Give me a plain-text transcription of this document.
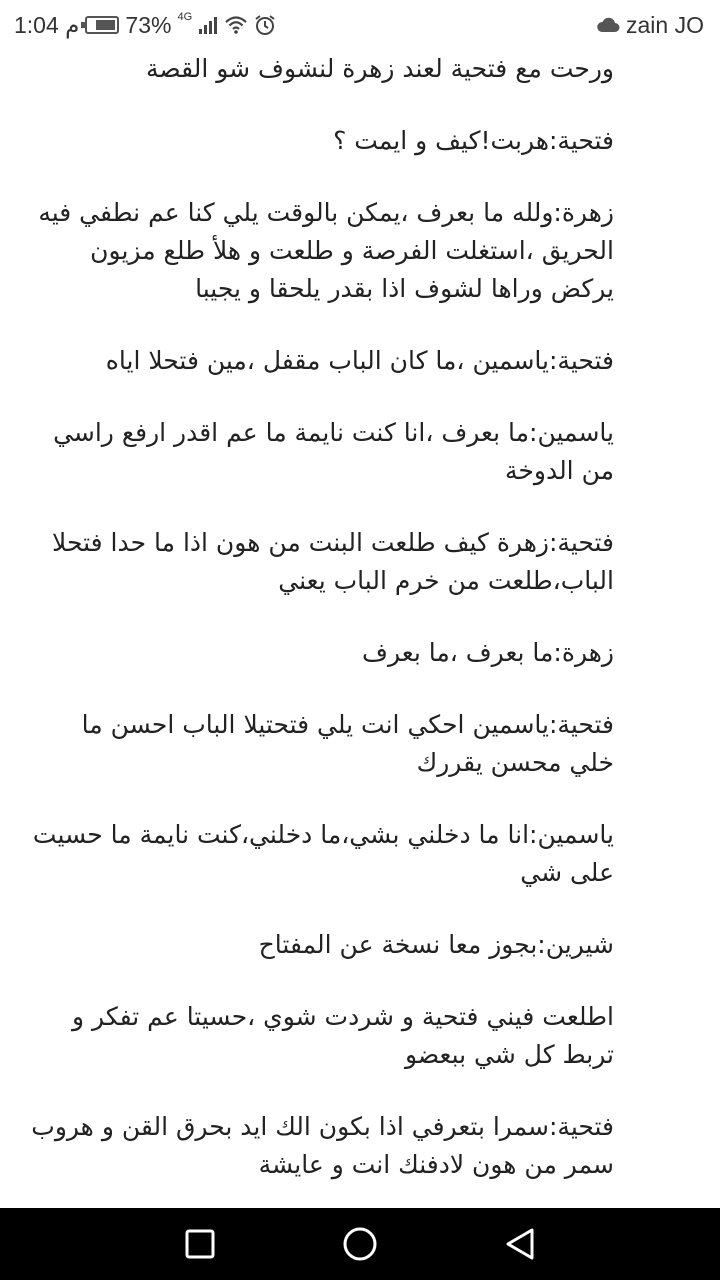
1:04 م 73% 4G	zain JO

ورحت مع فتحية لعند زهرة لنشوف شو القصة

فتحية:هربت!كيف و ايمت ؟

زهرة:ولله ما بعرف ،يمكن بالوقت يلي كنا عم نطفي فيه الحريق ،استغلت الفرصة و طلعت و هلأ طلع مزيون يركض وراها لشوف اذا بقدر يلحقا و يجيبا

فتحية:ياسمين ،ما كان الباب مقفل ،مين فتحلا اياه

ياسمين:ما بعرف ،انا كنت نايمة ما عم اقدر ارفع راسي من الدوخة

فتحية:زهرة كيف طلعت البنت من هون اذا ما حدا فتحلا الباب،طلعت من خرم الباب يعني

زهرة:ما بعرف ،ما بعرف

فتحية:ياسمين احكي انت يلي فتحتيلا الباب احسن ما خلي محسن يقررك

ياسمين:انا ما دخلني بشي،ما دخلني،كنت نايمة ما حسيت على شي

شيرين:بجوز معا نسخة عن المفتاح

اطلعت فيني فتحية و شردت شوي ،حسيتا عم تفكر و تربط كل شي ببعضو

فتحية:سمرا بتعرفي اذا بكون الك ايد بحرق القن و هروب سمر من هون لادفنك انت و عايشة
